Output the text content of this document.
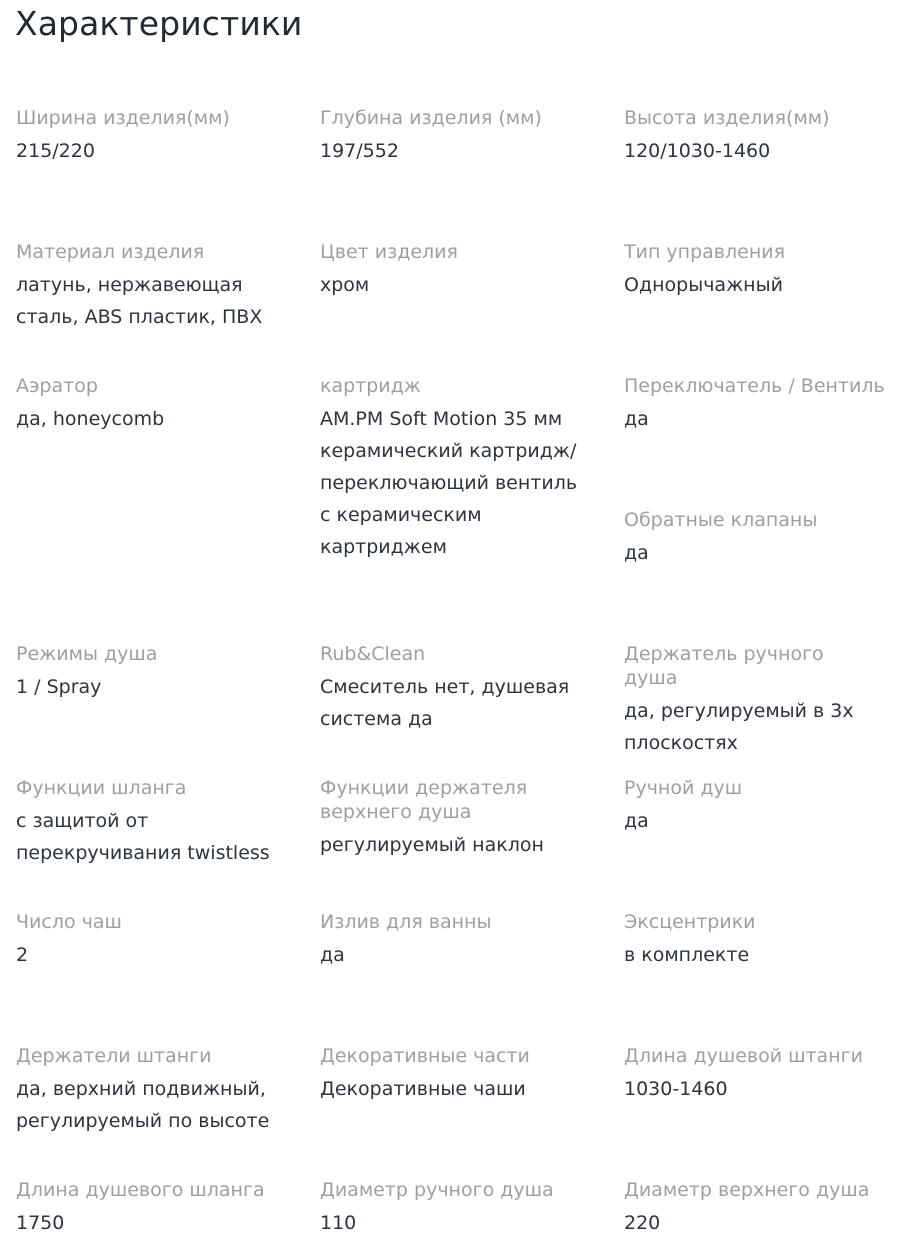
Характеристики
Ширина изделия(мм)
215/220
Глубина изделия (мм)
197/552
Высота изделия(мм)
120/1030-1460
Материал изделия
латунь, нержавеющая сталь, ABS пластик, ПВХ
Цвет изделия
хром
Тип управления
Однорычажный
Аэратор
да, honeycomb
картридж
AM.PM Soft Motion 35 мм керамический картридж/ переключающий вентиль с керамическим картриджем
Переключатель / Вентиль
да
Обратные клапаны
да
Режимы душа
1 / Spray
Rub&Clean
Смеситель нет, душевая система да
Держатель ручного душа
да, регулируемый в 3х плоскостях
Функции шланга
с защитой от перекручивания twistless
Функции держателя верхнего душа
регулируемый наклон
Ручной душ
да
Число чаш
2
Излив для ванны
да
Эксцентрики
в комплекте
Держатели штанги
да, верхний подвижный, регулируемый по высоте
Декоративные части
Декоративные чаши
Длина душевой штанги
1030-1460
Длина душевого шланга
1750
Диаметр ручного душа
110
Диаметр верхнего душа
220
